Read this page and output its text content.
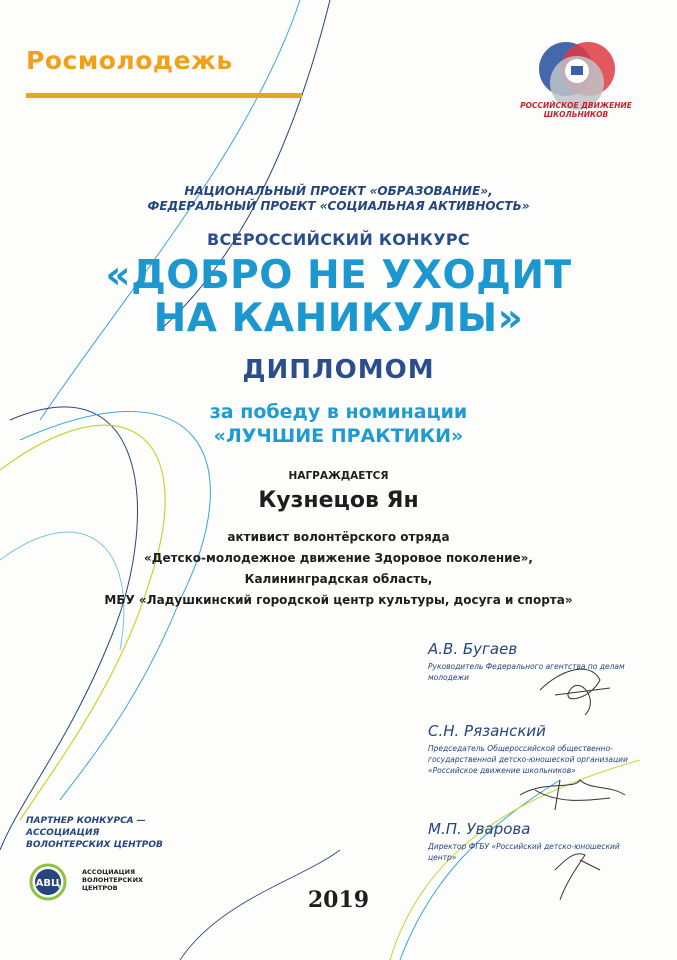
Росмолодежь
РОССИЙСКОЕ ДВИЖЕНИЕ ШКОЛЬНИКОВ
НАЦИОНАЛЬНЫЙ ПРОЕКТ «ОБРАЗОВАНИЕ»,
ФЕДЕРАЛЬНЫЙ ПРОЕКТ «СОЦИАЛЬНАЯ АКТИВНОСТЬ»
ВСЕРОССИЙСКИЙ КОНКУРС
«ДОБРО НЕ УХОДИТ
НА КАНИКУЛЫ»
ДИПЛОМОМ
за победу в номинации
«ЛУЧШИЕ ПРАКТИКИ»
НАГРАЖДАЕТСЯ
Кузнецов Ян
активист волонтёрского отряда
«Детско-молодежное движение Здоровое поколение»,
Калининградская область,
МБУ «Ладушкинский городской центр культуры, досуга и спорта»
А.В. Бугаев
Руководитель Федерального агентства по делам
молодежи
С.Н. Рязанский
Председатель Общероссийской общественно-
государственной детско-юношеской организации
«Российское движение школьников»
М.П. Уварова
Директор ФГБУ «Российский детско-юношеский
центр»
ПАРТНЕР КОНКУРСА —
АССОЦИАЦИЯ
ВОЛОНТЕРСКИХ ЦЕНТРОВ
АВЦ
АССОЦИАЦИЯ ВОЛОНТЕРСКИХ ЦЕНТРОВ	2019
